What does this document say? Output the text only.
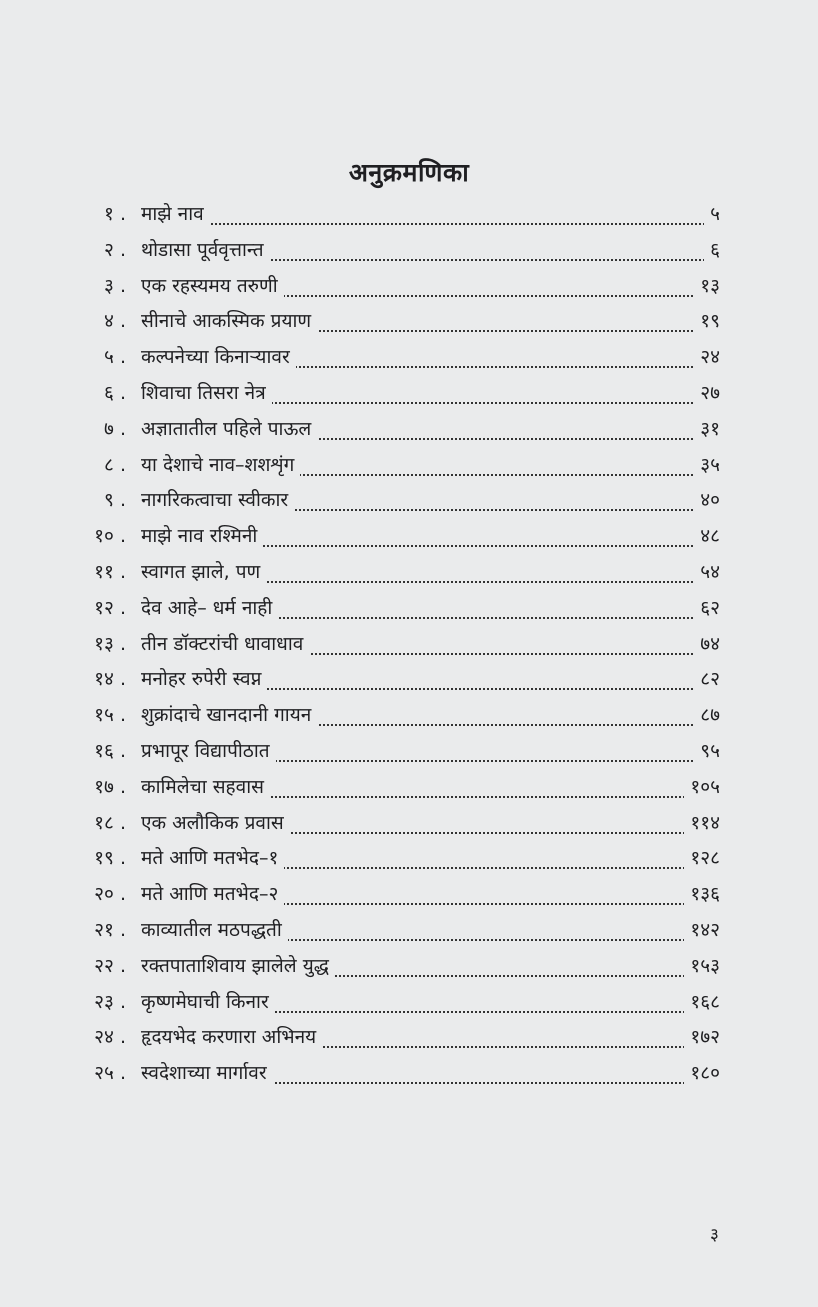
अनुक्रमणिका
१ . माझे नाव	५
२ . थोडासा पूर्ववृत्तान्त	६
३ . एक रहस्यमय तरुणी	१३
४ . सीनाचे आकस्मिक प्रयाण	१९
५ . कल्पनेच्या किनाऱ्यावर	२४
६ . शिवाचा तिसरा नेत्र	२७
७ . अज्ञातातील पहिले पाऊल	३१
८ . या देशाचे नाव–शशशृंग	३५
९ . नागरिकत्वाचा स्वीकार	४०
१० . माझे नाव रश्मिनी	४८
११ . स्वागत झाले, पण	५४
१२ . देव आहे– धर्म नाही	६२
१३ . तीन डॉक्टरांची धावाधाव	७४
१४ . मनोहर रुपेरी स्वप्न	८२
१५ . शुक्रांदाचे खानदानी गायन	८७
१६ . प्रभापूर विद्यापीठात	९५
१७ . कामिलेचा सहवास	१०५
१८ . एक अलौकिक प्रवास	११४
१९ . मते आणि मतभेद–१	१२८
२० . मते आणि मतभेद–२	१३६
२१ . काव्यातील मठपद्धती	१४२
२२ . रक्तपाताशिवाय झालेले युद्ध	१५३
२३ . कृष्णमेघाची किनार	१६८
२४ . हृदयभेद करणारा अभिनय	१७२
२५ . स्वदेशाच्या मार्गावर	१८०
३
